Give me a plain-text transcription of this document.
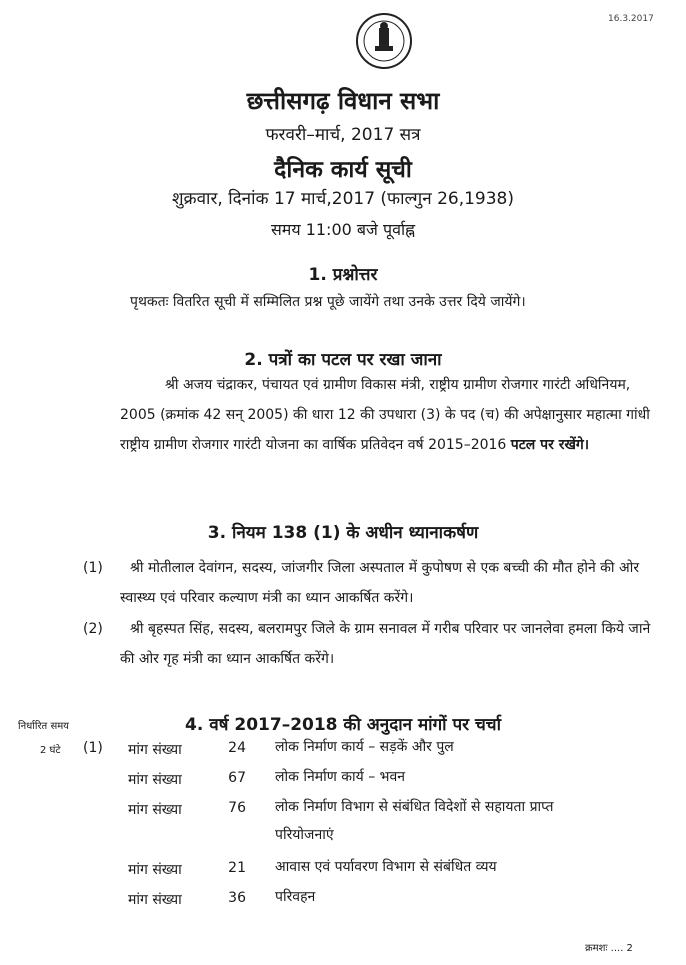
16.3.2017
छत्तीसगढ़ विधान सभा
फरवरी–मार्च, 2017 सत्र
दैनिक कार्य सूची
शुक्रवार, दिनांक 17 मार्च,2017 (फाल्गुन 26,1938)
समय 11:00 बजे पूर्वाह्न
1. प्रश्नोत्तर
पृथकतः वितरित सूची में सम्मिलित प्रश्न पूछे जायेंगे तथा उनके उत्तर दिये जायेंगे।
2. पत्रों का पटल पर रखा जाना
श्री अजय चंद्राकर, पंचायत एवं ग्रामीण विकास मंत्री, राष्ट्रीय ग्रामीण रोजगार गारंटी अधिनियम, 2005 (क्रमांक 42 सन् 2005) की धारा 12 की उपधारा (3) के पद (च) की अपेक्षानुसार महात्मा गांधी राष्ट्रीय ग्रामीण रोजगार गारंटी योजना का वार्षिक प्रतिवेदन वर्ष 2015–2016 पटल पर रखेंगे।
3. नियम 138 (1) के अधीन ध्यानाकर्षण
(1)	श्री मोतीलाल देवांगन, सदस्य, जांजगीर जिला अस्पताल में कुपोषण से एक बच्ची की मौत होने की ओर स्वास्थ्य एवं परिवार कल्याण मंत्री का ध्यान आकर्षित करेंगे।
(2)	श्री बृहस्पत सिंह, सदस्य, बलरामपुर जिले के ग्राम सनावल में गरीब परिवार पर जानलेवा हमला किये जाने की ओर गृह मंत्री का ध्यान आकर्षित करेंगे।
निर्धारित समय	4. वर्ष 2017–2018 की अनुदान मांगों पर चर्चा
2 घंटे (1) मांग संख्या	24 लोक निर्माण कार्य – सड़कें और पुल
मांग संख्या	67 लोक निर्माण कार्य – भवन
मांग संख्या	76 लोक निर्माण विभाग से संबंधित विदेशों से सहायता प्राप्त परियोजनाएं
मांग संख्या	21 आवास एवं पर्यावरण विभाग से संबंधित व्यय
मांग संख्या	36 परिवहन
क्रमशः .... 2
